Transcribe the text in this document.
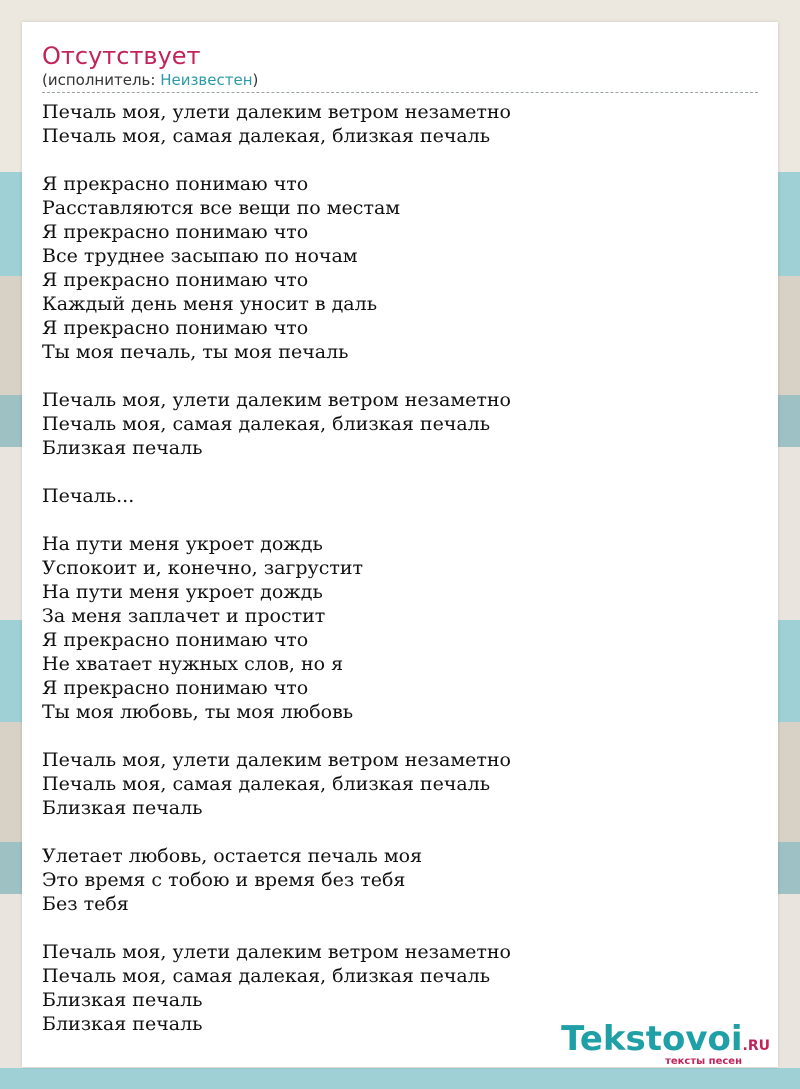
Отсутствует
(исполнитель: Неизвестен)
Печаль моя, улети далеким ветром незаметно
Печаль моя, самая далекая, близкая печаль
Я прекрасно понимаю что
Расставляются все вещи по местам
Я прекрасно понимаю что
Все труднее засыпаю по ночам
Я прекрасно понимаю что
Каждый день меня уносит в даль
Я прекрасно понимаю что
Ты моя печаль, ты моя печаль
Печаль моя, улети далеким ветром незаметно
Печаль моя, самая далекая, близкая печаль
Близкая печаль
Печаль...
На пути меня укроет дождь
Успокоит и, конечно, загрустит
На пути меня укроет дождь
За меня заплачет и простит
Я прекрасно понимаю что
Не хватает нужных слов, но я
Я прекрасно понимаю что
Ты моя любовь, ты моя любовь
Печаль моя, улети далеким ветром незаметно
Печаль моя, самая далекая, близкая печаль
Близкая печаль
Улетает любовь, остается печаль моя
Это время с тобою и время без тебя
Без тебя
Печаль моя, улети далеким ветром незаметно
Печаль моя, самая далекая, близкая печаль
Близкая печаль
Близкая печаль	Tekstovoi.RU
тексты песен
